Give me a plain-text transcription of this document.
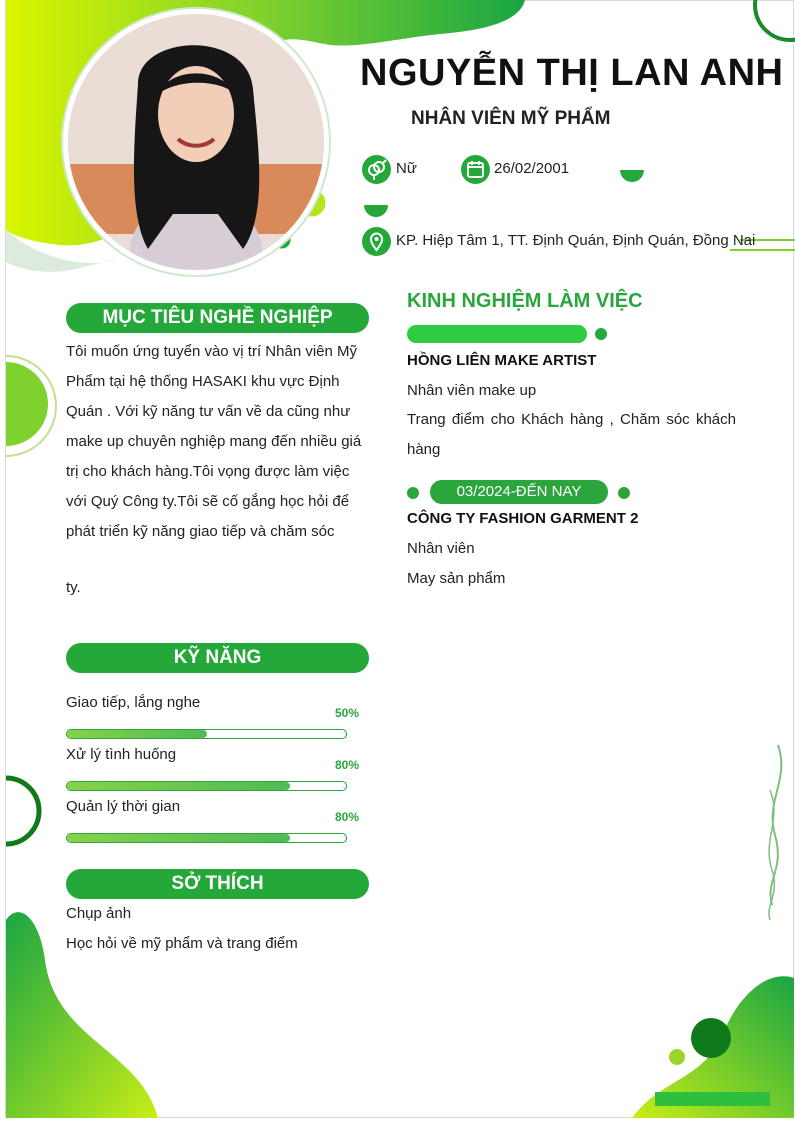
NGUYỄN THỊ LAN ANH
NHÂN VIÊN MỸ PHẨM
Nữ	26/02/2001
KP. Hiệp Tâm 1, TT. Định Quán, Định Quán, Đồng Nai
MỤC TIÊU NGHỀ NGHIỆP
Tôi muốn ứng tuyển vào vị trí Nhân viên Mỹ Phẩm tại hệ thống HASAKI khu vực Định Quán . Với kỹ năng tư vấn về da cũng như make up chuyên nghiệp mang đến nhiều giá trị cho khách hàng.Tôi vọng được làm việc với Quý Công ty.Tôi sẽ cố gắng học hỏi để phát triển kỹ năng giao tiếp và chăm sóc
ty.
KỸ NĂNG
Giao tiếp, lắng nghe
50%
Xử lý tình huống
80%
Quản lý thời gian
80%
SỞ THÍCH
Chụp ảnh
Học hỏi về mỹ phẩm và trang điểm
KINH NGHIỆM LÀM VIỆC
HỒNG LIÊN MAKE ARTIST
Nhân viên make up
Trang điểm cho Khách hàng , Chăm sóc khách hàng
03/2024-ĐẾN NAY
CÔNG TY FASHION GARMENT 2
Nhân viên
May sản phẩm
